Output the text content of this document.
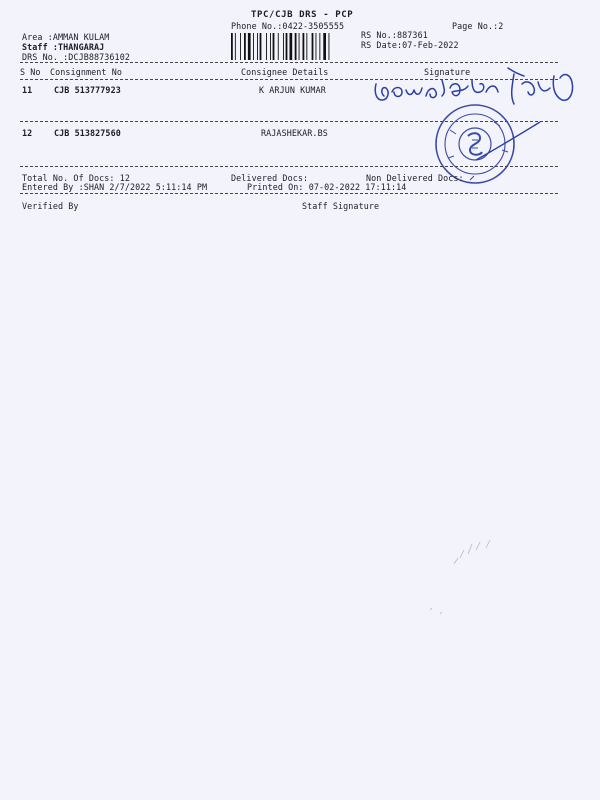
TPC/CJB DRS - PCP
Phone No.:0422-3505555	Page No.:2
RS No.:887361
RS Date:07-Feb-2022
Area :AMMAN KULAM
Staff :THANGARAJ
DRS No. :DCJB88736102
S No Consignment No	Consignee Details	Signature
11	CJB 513777923	K ARJUN KUMAR
12	CJB 513827560	RAJASHEKAR.BS
Total No. Of Docs: 12	Delivered Docs:	Non Delivered Docs:
Entered By :SHAN 2/7/2022 5:11:14 PM	Printed On: 07-02-2022 17:11:14
Verified By	Staff Signature
